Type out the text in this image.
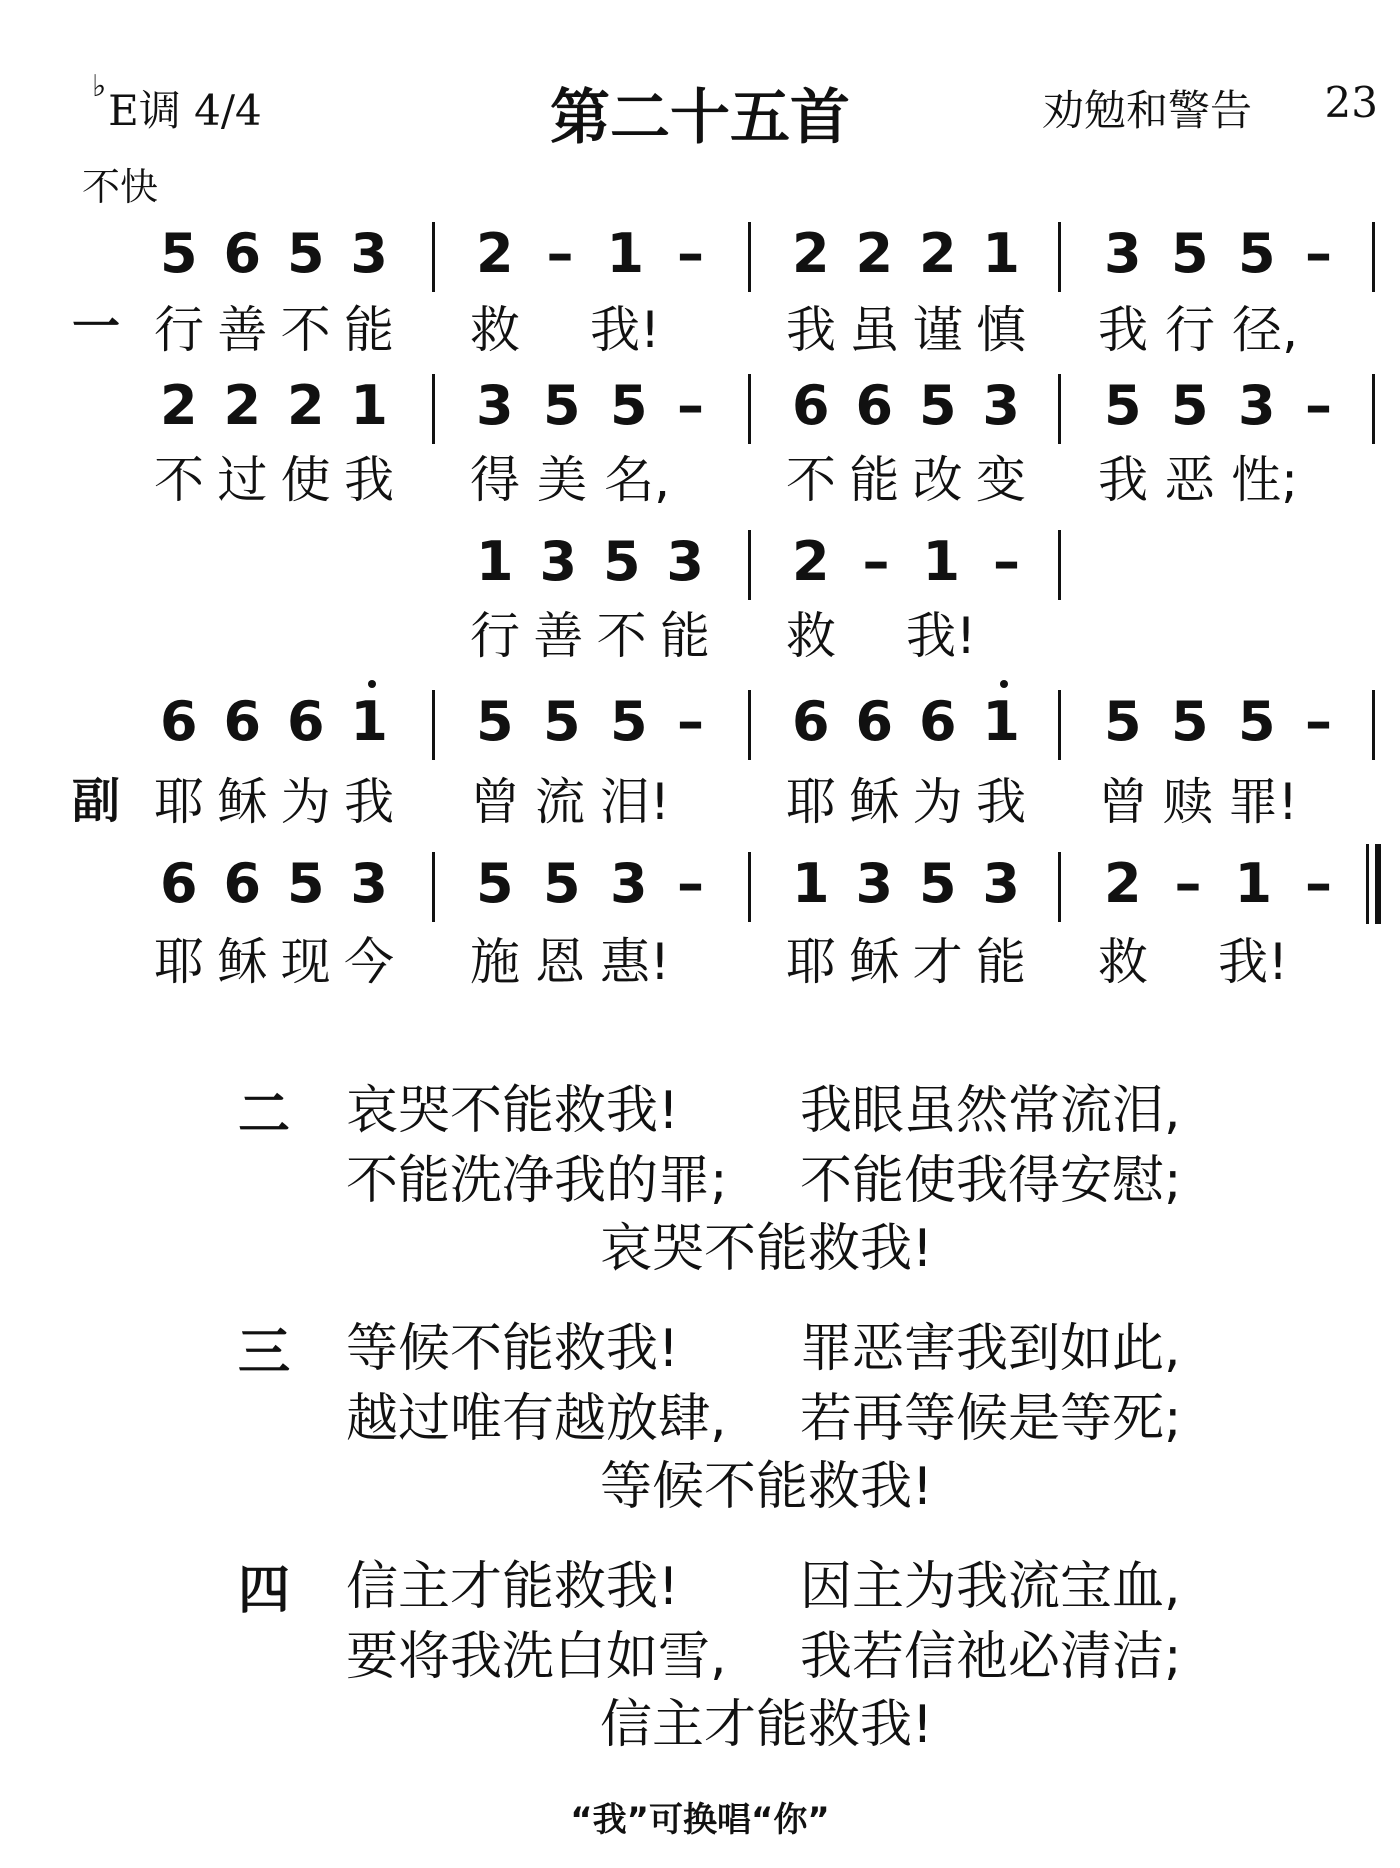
♭E调 4/4
不快
第二十五首	劝勉和警告 23
一
5 6 5 3 2 – 1 – 2 2 2 1 3 5 5 –
行 善 不 能 救 我!	我 虽 谨 慎 我 行 径,
2 2 2 1 3 5 5 – 6 6 5 3 5 5 3 –
不 过 使 我 得 美 名, 不 能 改 变 我 恶 性;
1 3 5 3 2 – 1 –
行 善 不 能 救 我!
副
6 6 6 1 5 5 5 – 6 6 6 1 5 5 5 –
耶 稣 为 我 曾 流 泪! 耶 稣 为 我 曾 赎 罪!
6 6 5 3 5 5 3 – 1 3 5 3 2 – 1 –
耶 稣 现 今 施 恩 惠! 耶 稣 才 能 救 我!
二 哀哭不能救我! 我眼虽然常流泪,
不能洗净我的罪; 不能使我得安慰;
哀哭不能救我!
三 等候不能救我! 罪恶害我到如此,
越过唯有越放肆, 若再等候是等死;
等候不能救我!
四 信主才能救我! 因主为我流宝血,
要将我洗白如雪, 我若信祂必清洁;
信主才能救我!
“我”可换唱“你”
